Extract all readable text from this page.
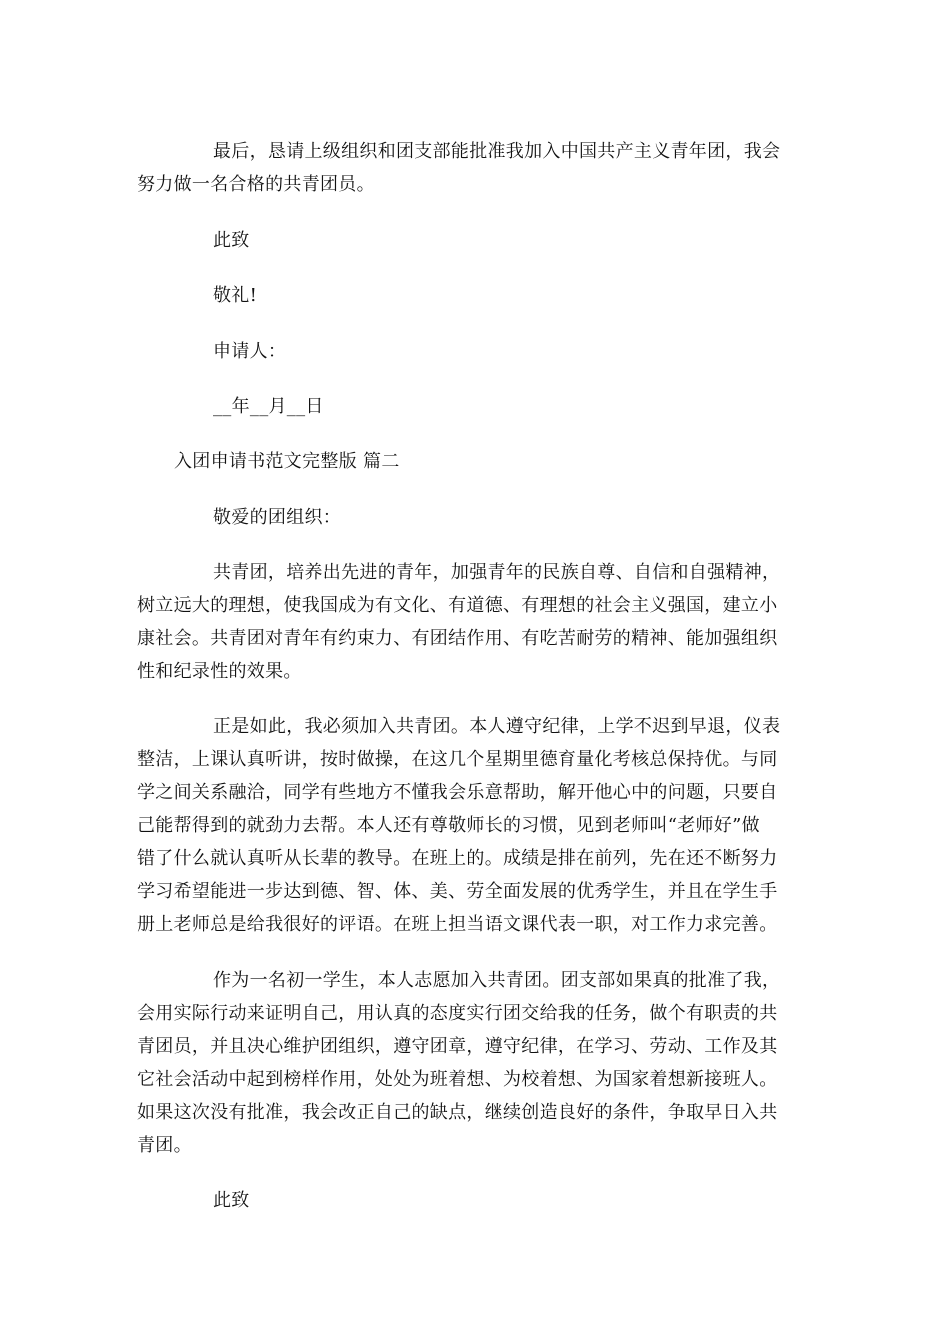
最后，恳请上级组织和团支部能批准我加入中国共产主义青年团，我会
努力做一名合格的共青团员。
此致
敬礼!
申请人：
__年__月__日
入团申请书范文完整版 篇二
敬爱的团组织：
共青团，培养出先进的青年，加强青年的民族自尊、自信和自强精神，
树立远大的理想，使我国成为有文化、有道德、有理想的社会主义强国，建立小
康社会。共青团对青年有约束力、有团结作用、有吃苦耐劳的精神、能加强组织
性和纪录性的效果。
正是如此，我必须加入共青团。本人遵守纪律，上学不迟到早退，仪表
整洁，上课认真听讲，按时做操，在这几个星期里德育量化考核总保持优。与同
学之间关系融洽，同学有些地方不懂我会乐意帮助，解开他心中的问题，只要自
己能帮得到的就劲力去帮。本人还有尊敬师长的习惯，见到老师叫“老师好”做
错了什么就认真听从长辈的教导。在班上的。成绩是排在前列，先在还不断努力
学习希望能进一步达到德、智、体、美、劳全面发展的优秀学生，并且在学生手
册上老师总是给我很好的评语。在班上担当语文课代表一职，对工作力求完善。
作为一名初一学生，本人志愿加入共青团。团支部如果真的批准了我，
会用实际行动来证明自己，用认真的态度实行团交给我的任务，做个有职责的共
青团员，并且决心维护团组织，遵守团章，遵守纪律，在学习、劳动、工作及其
它社会活动中起到榜样作用，处处为班着想、为校着想、为国家着想新接班人。
如果这次没有批准，我会改正自己的缺点，继续创造良好的条件，争取早日入共
青团。
此致
